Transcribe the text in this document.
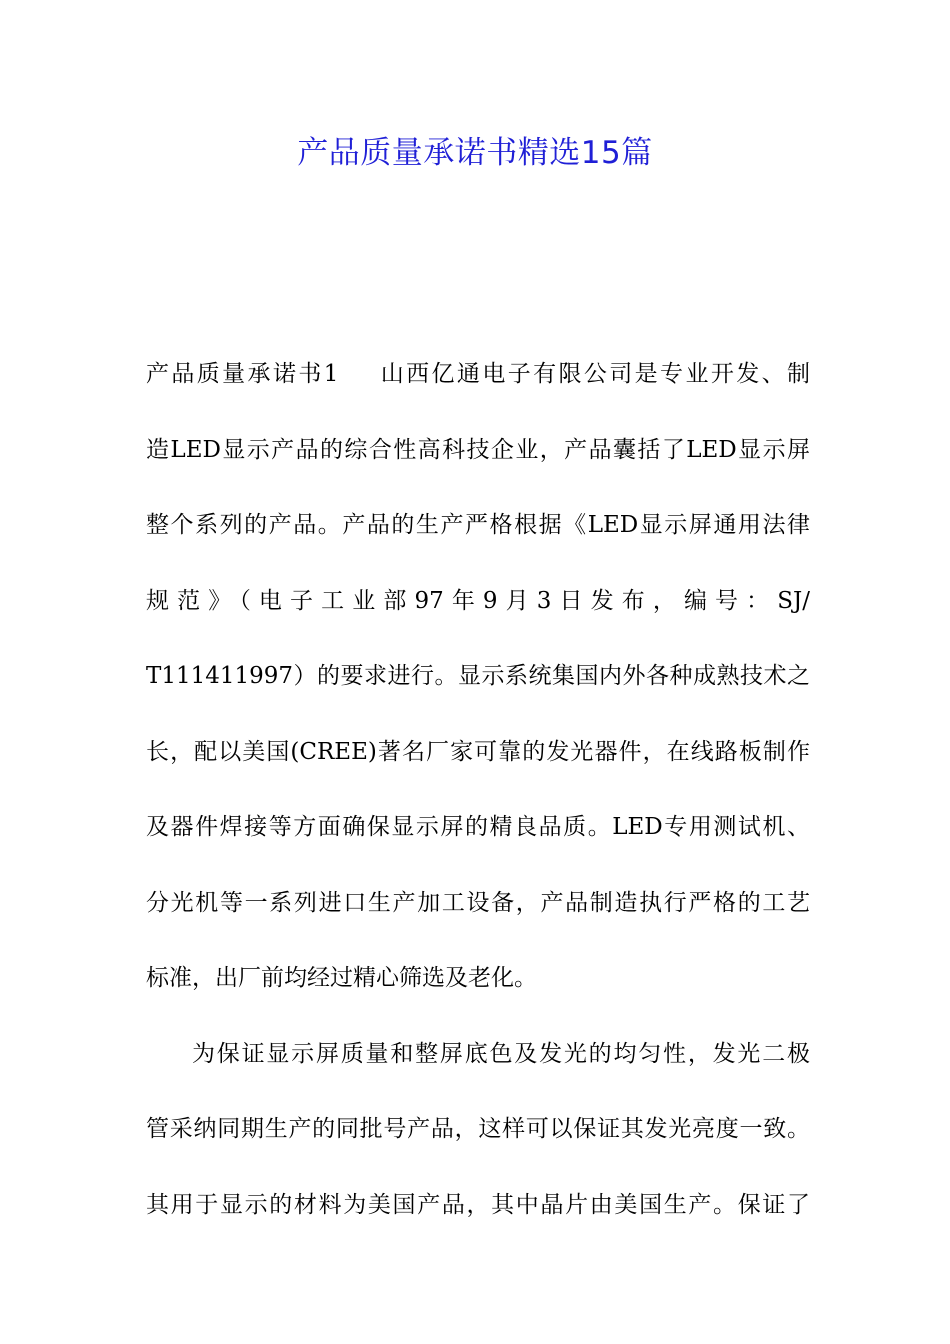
产品质量承诺书精选15篇
产品质量承诺书1 山西亿通电子有限公司是专业开发、制
造LED显示产品的综合性高科技企业，产品囊括了LED显示屏
整个系列的产品。产品的生产严格根据《LED显示屏通用法律
规范》（电子工业部97年9月3日发布，编号：SJ/
T111411997）的要求进行。显示系统集国内外各种成熟技术之
长，配以美国(CREE)著名厂家可靠的发光器件，在线路板制作
及器件焊接等方面确保显示屏的精良品质。LED专用测试机、
分光机等一系列进口生产加工设备，产品制造执行严格的工艺
标准，出厂前均经过精心筛选及老化。
为保证显示屏质量和整屏底色及发光的均匀性，发光二极
管采纳同期生产的同批号产品，这样可以保证其发光亮度一致。
其用于显示的材料为美国产品，其中晶片由美国生产。保证了
